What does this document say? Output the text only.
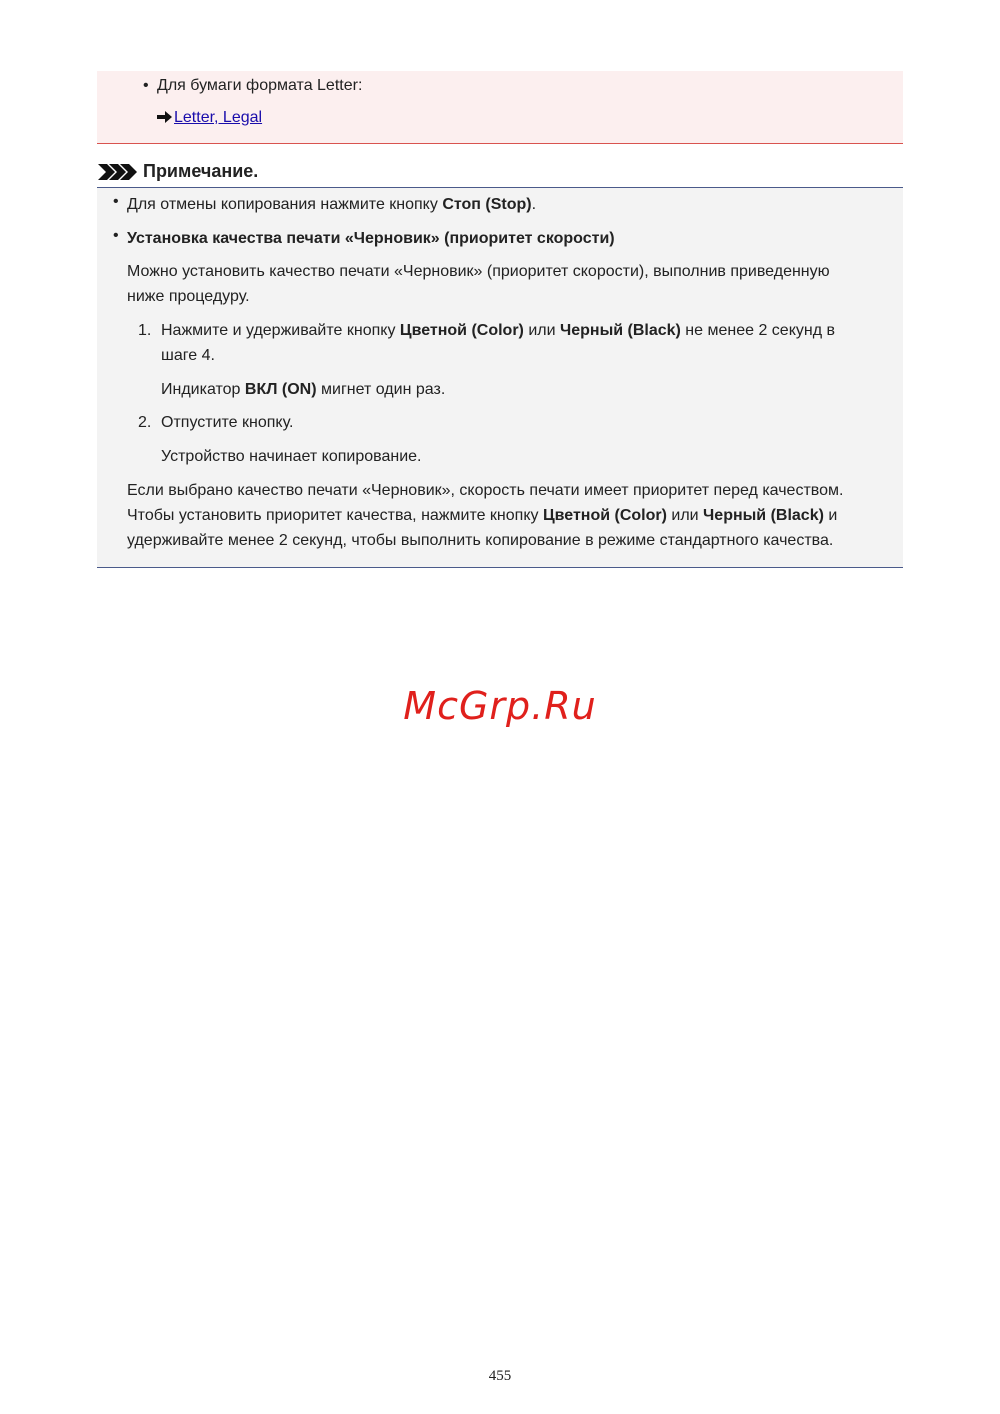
• Для бумаги формата Letter:
Letter, Legal
Примечание.
• Для отмены копирования нажмите кнопку Стоп (Stop).
• Установка качества печати «Черновик» (приоритет скорости)
Можно установить качество печати «Черновик» (приоритет скорости), выполнив приведенную
ниже процедуру.
1. Нажмите и удерживайте кнопку Цветной (Color) или Черный (Black) не менее 2 секунд в
шаге 4.
Индикатор ВКЛ (ON) мигнет один раз.
2. Отпустите кнопку.
Устройство начинает копирование.
Если выбрано качество печати «Черновик», скорость печати имеет приоритет перед качеством.
Чтобы установить приоритет качества, нажмите кнопку Цветной (Color) или Черный (Black) и
удерживайте менее 2 секунд, чтобы выполнить копирование в режиме стандартного качества.
McGrp.Ru
455
